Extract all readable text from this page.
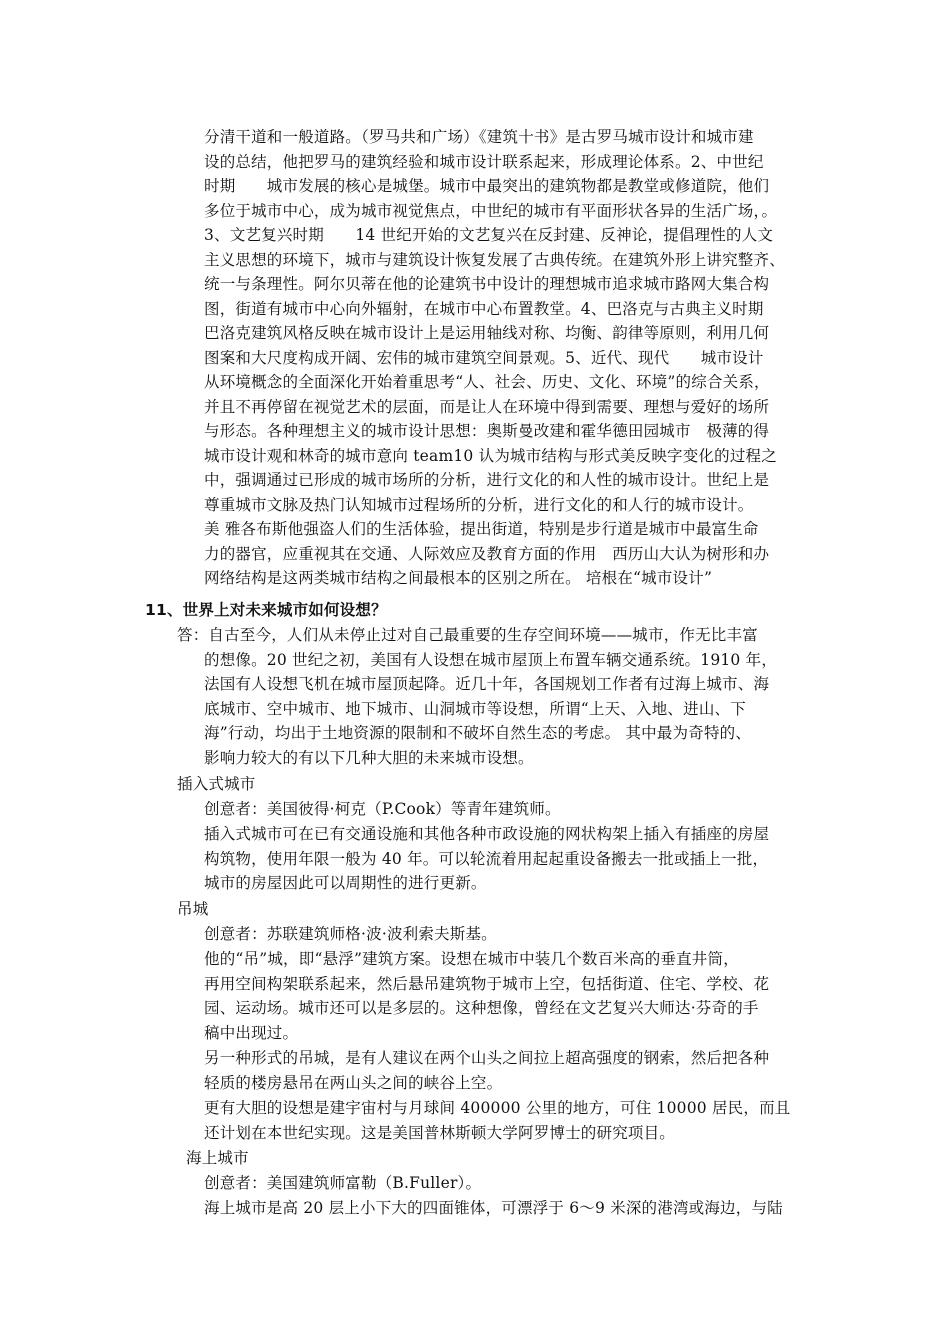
分清干道和一般道路。（罗马共和广场）《建筑十书》是古罗马城市设计和城市建
设的总结，他把罗马的建筑经验和城市设计联系起来，形成理论体系。2、中世纪
时期　　城市发展的核心是城堡。城市中最突出的建筑物都是教堂或修道院，他们
多位于城市中心，成为城市视觉焦点，中世纪的城市有平面形状各异的生活广场，。
3、文艺复兴时期　　14 世纪开始的文艺复兴在反封建、反神论，提倡理性的人文
主义思想的环境下，城市与建筑设计恢复发展了古典传统。在建筑外形上讲究整齐、
统一与条理性。阿尔贝蒂在他的论建筑书中设计的理想城市追求城市路网大集合构
图，街道有城市中心向外辐射，在城市中心布置教堂。4、巴洛克与古典主义时期
巴洛克建筑风格反映在城市设计上是运用轴线对称、均衡、韵律等原则，利用几何
图案和大尺度构成开阔、宏伟的城市建筑空间景观。5、近代、现代　　城市设计
从环境概念的全面深化开始着重思考“人、社会、历史、文化、环境”的综合关系，
并且不再停留在视觉艺术的层面，而是让人在环境中得到需要、理想与爱好的场所
与形态。各种理想主义的城市设计思想：奥斯曼改建和霍华德田园城市　极薄的得
城市设计观和林奇的城市意向 team10 认为城市结构与形式美反映字变化的过程之
中，强调通过已形成的城市场所的分析，进行文化的和人性的城市设计。世纪上是
尊重城市文脉及热门认知城市过程场所的分析，进行文化的和人行的城市设计。
美 雅各布斯他强盗人们的生活体验，提出街道，特别是步行道是城市中最富生命
力的器官，应重视其在交通、人际效应及教育方面的作用　西历山大认为树形和办
网络结构是这两类城市结构之间最根本的区别之所在。 培根在“城市设计”
11、世界上对未来城市如何设想？
答：自古至今，人们从未停止过对自己最重要的生存空间环境——城市，作无比丰富
的想像。20 世纪之初，美国有人设想在城市屋顶上布置车辆交通系统。1910 年，
法国有人设想飞机在城市屋顶起降。近几十年，各国规划工作者有过海上城市、海
底城市、空中城市、地下城市、山洞城市等设想，所谓“上天、入地、进山、下
海”行动，均出于土地资源的限制和不破坏自然生态的考虑。 其中最为奇特的、
影响力较大的有以下几种大胆的未来城市设想。
插入式城市
创意者：美国彼得·柯克（P.Cook）等青年建筑师。
插入式城市可在已有交通设施和其他各种市政设施的网状构架上插入有插座的房屋
构筑物，使用年限一般为 40 年。可以轮流着用起起重设备搬去一批或插上一批，
城市的房屋因此可以周期性的进行更新。
吊城
创意者：苏联建筑师格·波·波利索夫斯基。
他的“吊”城，即“悬浮”建筑方案。设想在城市中装几个数百米高的垂直井筒，
再用空间构架联系起来，然后悬吊建筑物于城市上空，包括街道、住宅、学校、花
园、运动场。城市还可以是多层的。这种想像，曾经在文艺复兴大师达·芬奇的手
稿中出现过。
另一种形式的吊城，是有人建议在两个山头之间拉上超高强度的钢索，然后把各种
轻质的楼房悬吊在两山头之间的峡谷上空。
更有大胆的设想是建宇宙村与月球间 400000 公里的地方，可住 10000 居民，而且
还计划在本世纪实现。这是美国普林斯顿大学阿罗博士的研究项目。
海上城市
创意者：美国建筑师富勒（B.Fuller）。
海上城市是高 20 层上小下大的四面锥体，可漂浮于 6～9 米深的港湾或海边，与陆
